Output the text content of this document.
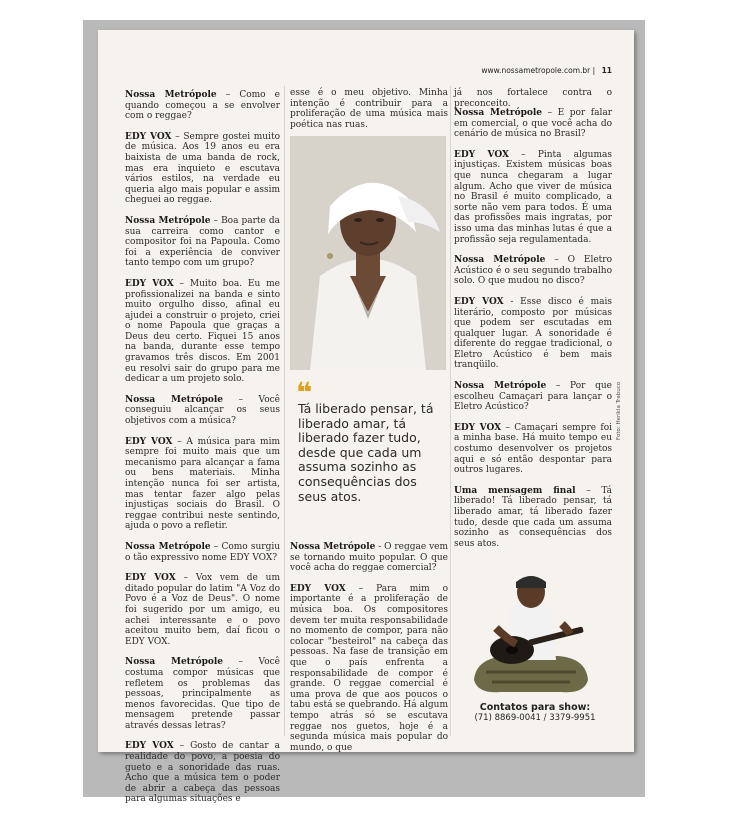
www.nossametropole.com.br | 11

Nossa Metrópole – Como e quando começou a se envolver com o reggae?

EDY VOX – Sempre gostei muito de música. Aos 19 anos eu era baixista de uma banda de rock, mas era inquieto e escutava vários estilos, na verdade eu queria algo mais popular e assim cheguei ao reggae.

Nossa Metrópole – Boa parte da sua carreira como cantor e compositor foi na Papoula. Como foi a experiência de conviver tanto tempo com um grupo?

EDY VOX – Muito boa. Eu me profissionalizei na banda e sinto muito orgulho disso, afinal eu ajudei a construir o projeto, criei o nome Papoula que graças a Deus deu certo. Fiquei 15 anos na banda, durante esse tempo gravamos três discos. Em 2001 eu resolvi sair do grupo para me dedicar a um projeto solo.

Nossa Metrópole – Você conseguiu alcançar os seus objetivos com a música?

EDY VOX – A música para mim sempre foi muito mais que um mecanismo para alcançar a fama ou bens materiais. Minha intenção nunca foi ser artista, mas tentar fazer algo pelas injustiças sociais do Brasil. O reggae contribui neste sentindo, ajuda o povo a refletir.

Nossa Metrópole – Como surgiu o tão expressivo nome EDY VOX?

EDY VOX – Vox vem de um ditado popular do latim "A Voz do Povo é a Voz de Deus". O nome foi sugerido por um amigo, eu achei interessante e o povo aceitou muito bem, daí ficou o EDY VOX.

Nossa Metrópole – Você costuma compor músicas que refletem os problemas das pessoas, principalmente as menos favorecidas. Que tipo de mensagem pretende passar através dessas letras?

EDY VOX – Gosto de cantar a realidade do povo, a poesia do gueto e a sonoridade das ruas. Acho que a música tem o poder de abrir a cabeça das pessoas para algumas situações e

esse é o meu objetivo. Minha intenção é contribuir para a proliferação de uma música mais poética nas ruas.

❝
Tá liberado pensar, tá liberado amar, tá liberado fazer tudo, desde que cada um assuma sozinho as consequências dos seus atos.

Nossa Metrópole - O reggae vem se tornando muito popular. O que você acha do reggae comercial?

EDY VOX – Para mim o importante é a proliferação de música boa. Os compositores devem ter muita responsabilidade no momento de compor, para não colocar "besteirol" na cabeça das pessoas. Na fase de transição em que o país enfrenta a responsabilidade de compor é grande. O reggae comercial é uma prova de que aos poucos o tabu está se quebrando. Há algum tempo atrás só se escutava reggae nos guetos, hoje é a segunda música mais popular do mundo, o que

já nos fortalece contra o preconceito.

Nossa Metrópole – E por falar em comercial, o que você acha do cenário de música no Brasil?

EDY VOX – Pinta algumas injustiças. Existem músicas boas que nunca chegaram a lugar algum. Acho que viver de música no Brasil é muito complicado, a sorte não vem para todos. É uma das profissões mais ingratas, por isso uma das minhas lutas é que a profissão seja regulamentada.

Nossa Metrópole – O Eletro Acústico é o seu segundo trabalho solo. O que mudou no disco?

EDY VOX - Esse disco é mais literário, composto por músicas que podem ser escutadas em qualquer lugar. A sonoridade é diferente do reggae tradicional, o Eletro Acústico é bem mais tranqüilo.

Nossa Metrópole – Por que escolheu Camaçari para lançar o Eletro Acústico?

EDY VOX – Camaçari sempre foi a minha base. Há muito tempo eu costumo desenvolver os projetos aqui e só então despontar para outros lugares.

Uma mensagem final – Tá liberado! Tá liberado pensar, tá liberado amar, tá liberado fazer tudo, desde que cada um assuma sozinho as consequências dos seus atos.

Foto: Herikla Trabuco
Contatos para show:
(71) 8869-0041 / 3379-9951
